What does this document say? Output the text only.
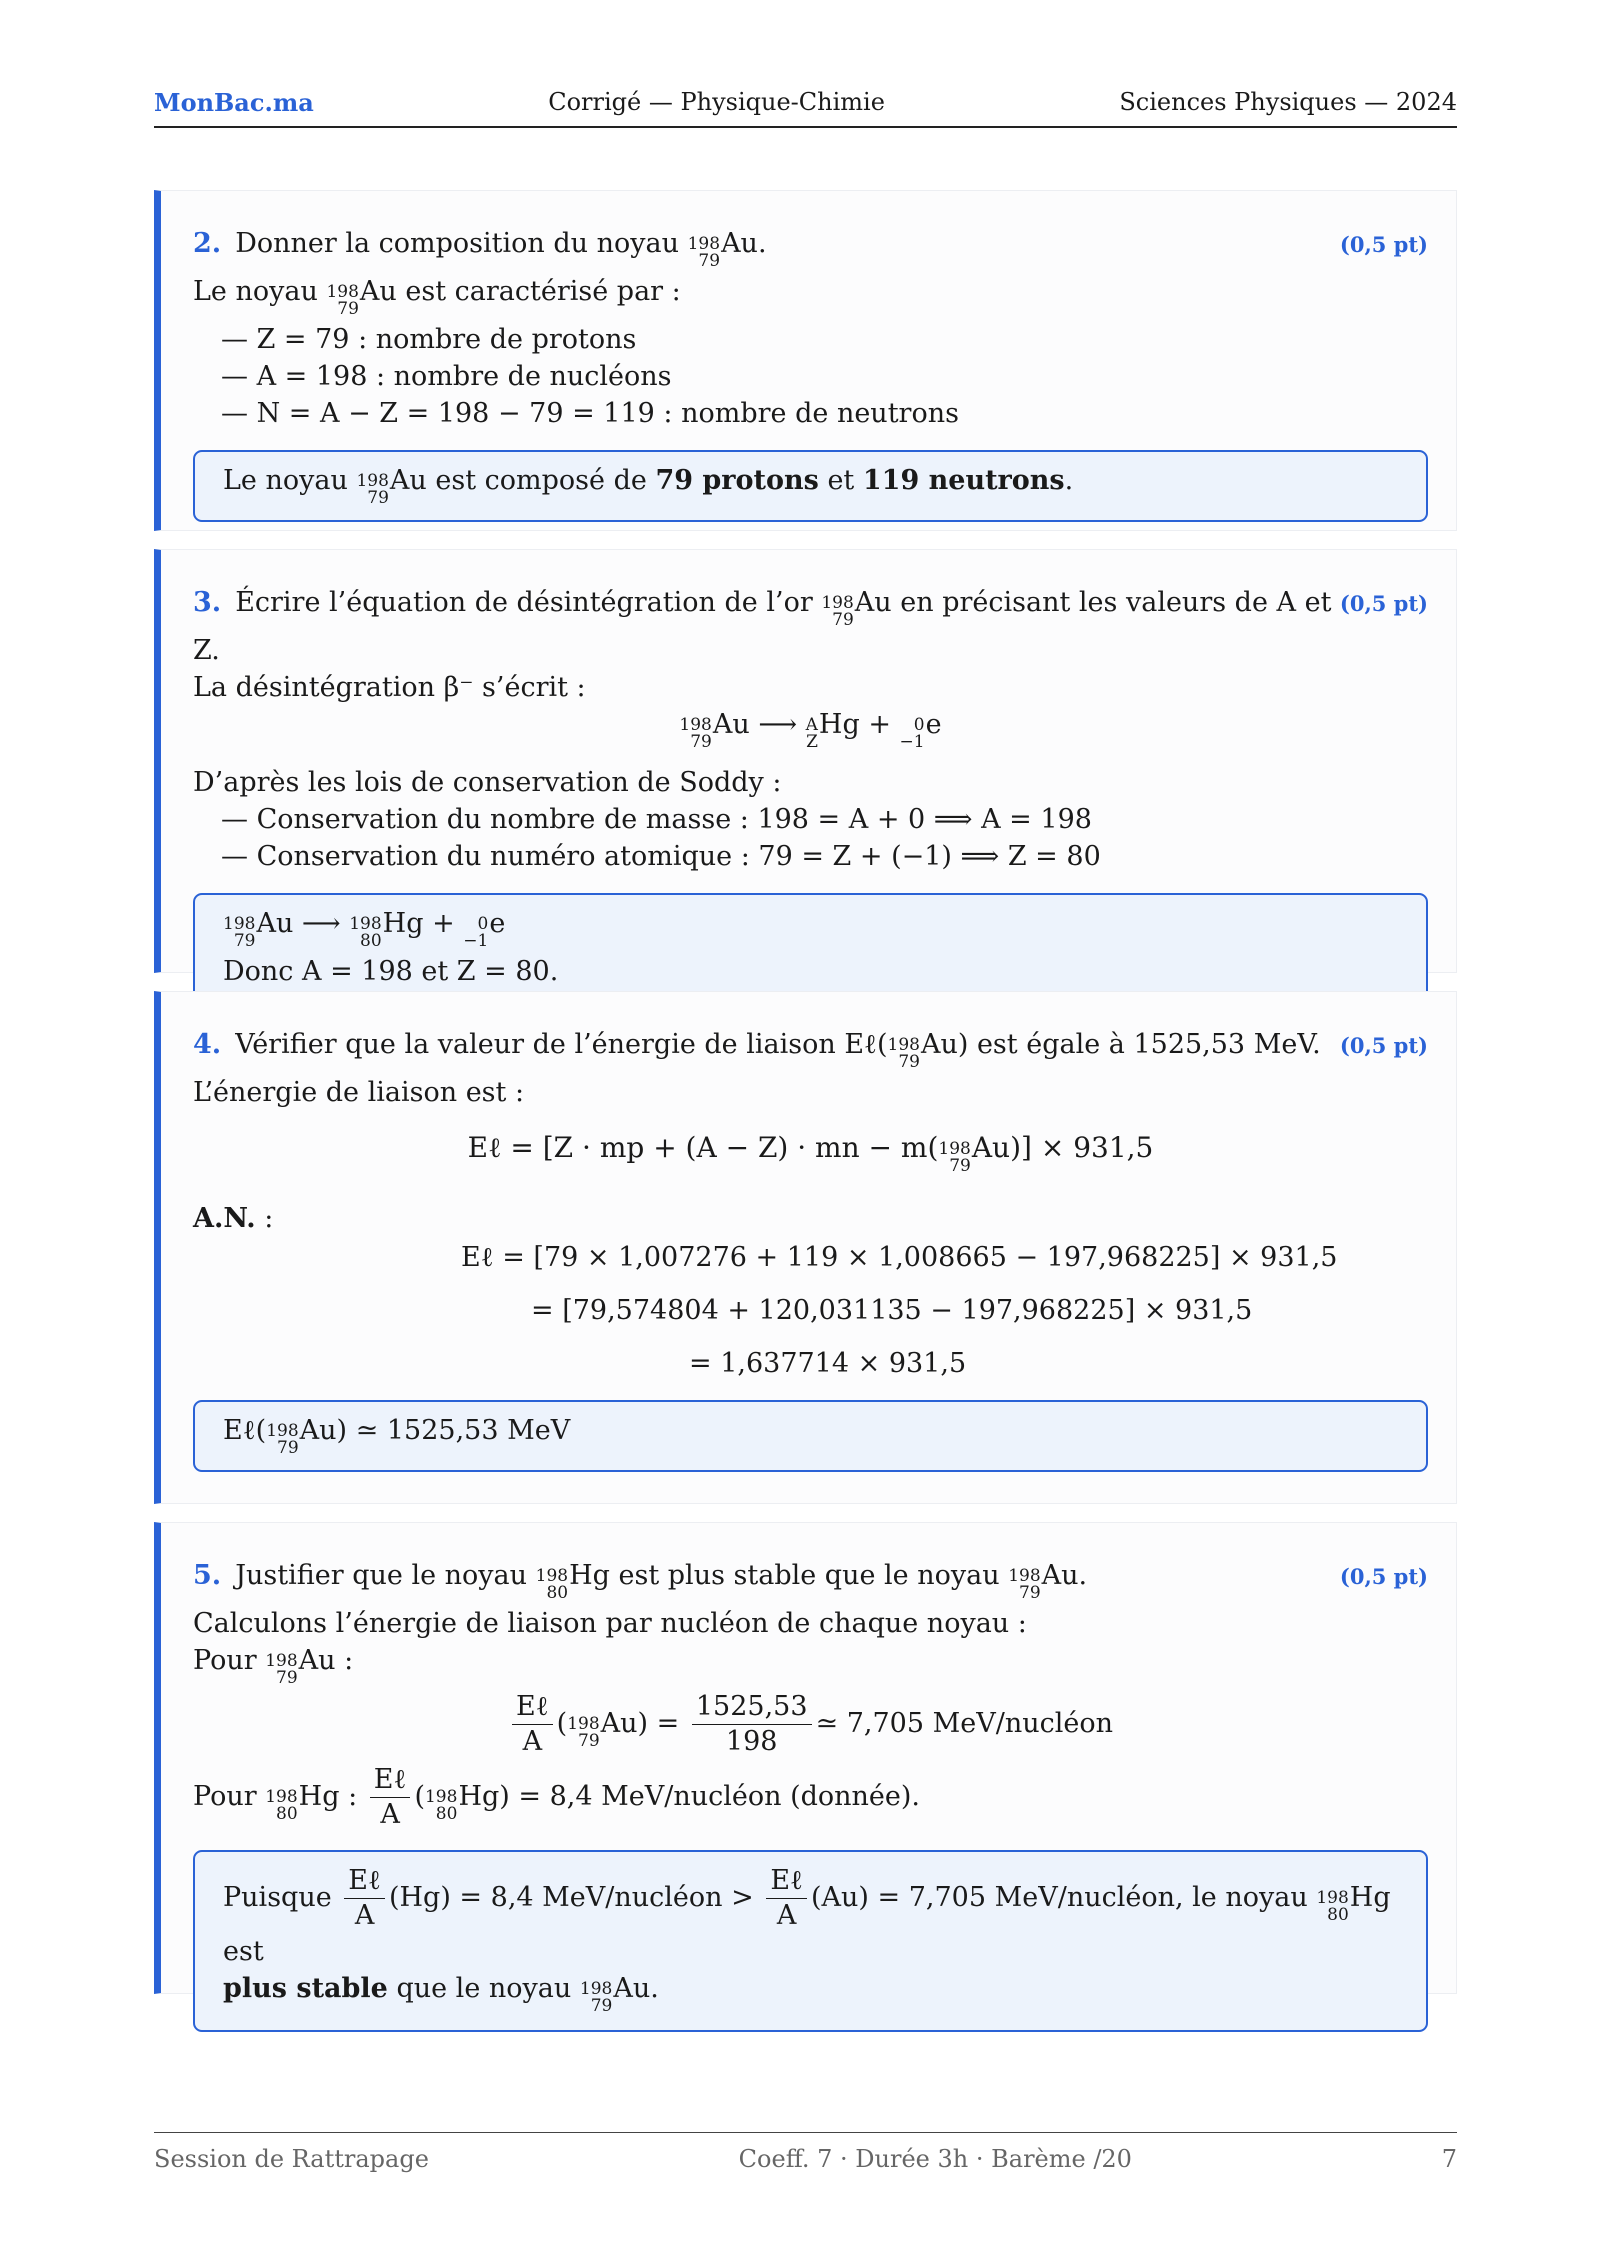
MonBac.ma	Corrigé — Physique-Chimie	Sciences Physiques — 2024
2. Donner la composition du noyau 198
79
Au.	(0,5 pt)
Le noyau 198
79
Au est caractérisé par :
— Z = 79 : nombre de protons
— A = 198 : nombre de nucléons
— N = A − Z = 198 − 79 = 119 : nombre de neutrons
Le noyau 198
79
Au est composé de 79 protons et 119 neutrons.
3. Écrire l’équation de désintégration de l’or 198
79
Au en précisant les valeurs de A et Z.
(0,5 pt)
La désintégration β⁻ s’écrit :
198
79
Au ⟶ A
Z
Hg + 0
−1
e
D’après les lois de conservation de Soddy :
— Conservation du nombre de masse : 198 = A + 0 ⟹ A = 198
— Conservation du numéro atomique : 79 = Z + (−1) ⟹ Z = 80
198
79
Au ⟶ 198
80
Hg + 0
−1
e
Donc A = 198 et Z = 80.
4. Vérifier que la valeur de l’énergie de liaison Eℓ( 198
79
Au) est égale à 1525,53 MeV. (0,5 pt)
L’énergie de liaison est :
Eℓ = [Z · mp + (A − Z) · mn − m( 198
79
Au)] × 931,5
A.N. :
Eℓ = [79 × 1,007276 + 119 × 1,008665 − 197,968225] × 931,5
= [79,574804 + 120,031135 − 197,968225] × 931,5
= 1,637714 × 931,5
Eℓ( 198
79
Au) ≃ 1525,53 MeV
5. Justifier que le noyau 198
80
Hg est plus stable que le noyau 198
79
Au.	(0,5 pt)
Calculons l’énergie de liaison par nucléon de chaque noyau :
Pour 198
79
Au :
$\frac{\text{Eℓ}}{A}$ ( 198
79
$Au) = \frac{1525,53}{198}$ ≃ 7,705 MeV/nucléon
Pour 198
80
Hg : $\frac{\text{Eℓ}}{A}$ ( 198
80
Hg) = 8,4 MeV/nucléon (donnée).
Puisque $\frac{\text{Eℓ}}{A} (Hg) = 8,4$ MeV/nucléon > $\frac{\text{Eℓ}}{A} (Au) = 7,705$ MeV/nucléon, le noyau 198
80
Hg est
plus stable que le noyau 198
79
Au.
Session de Rattrapage	Coeff. 7 · Durée 3h · Barème /20	7
